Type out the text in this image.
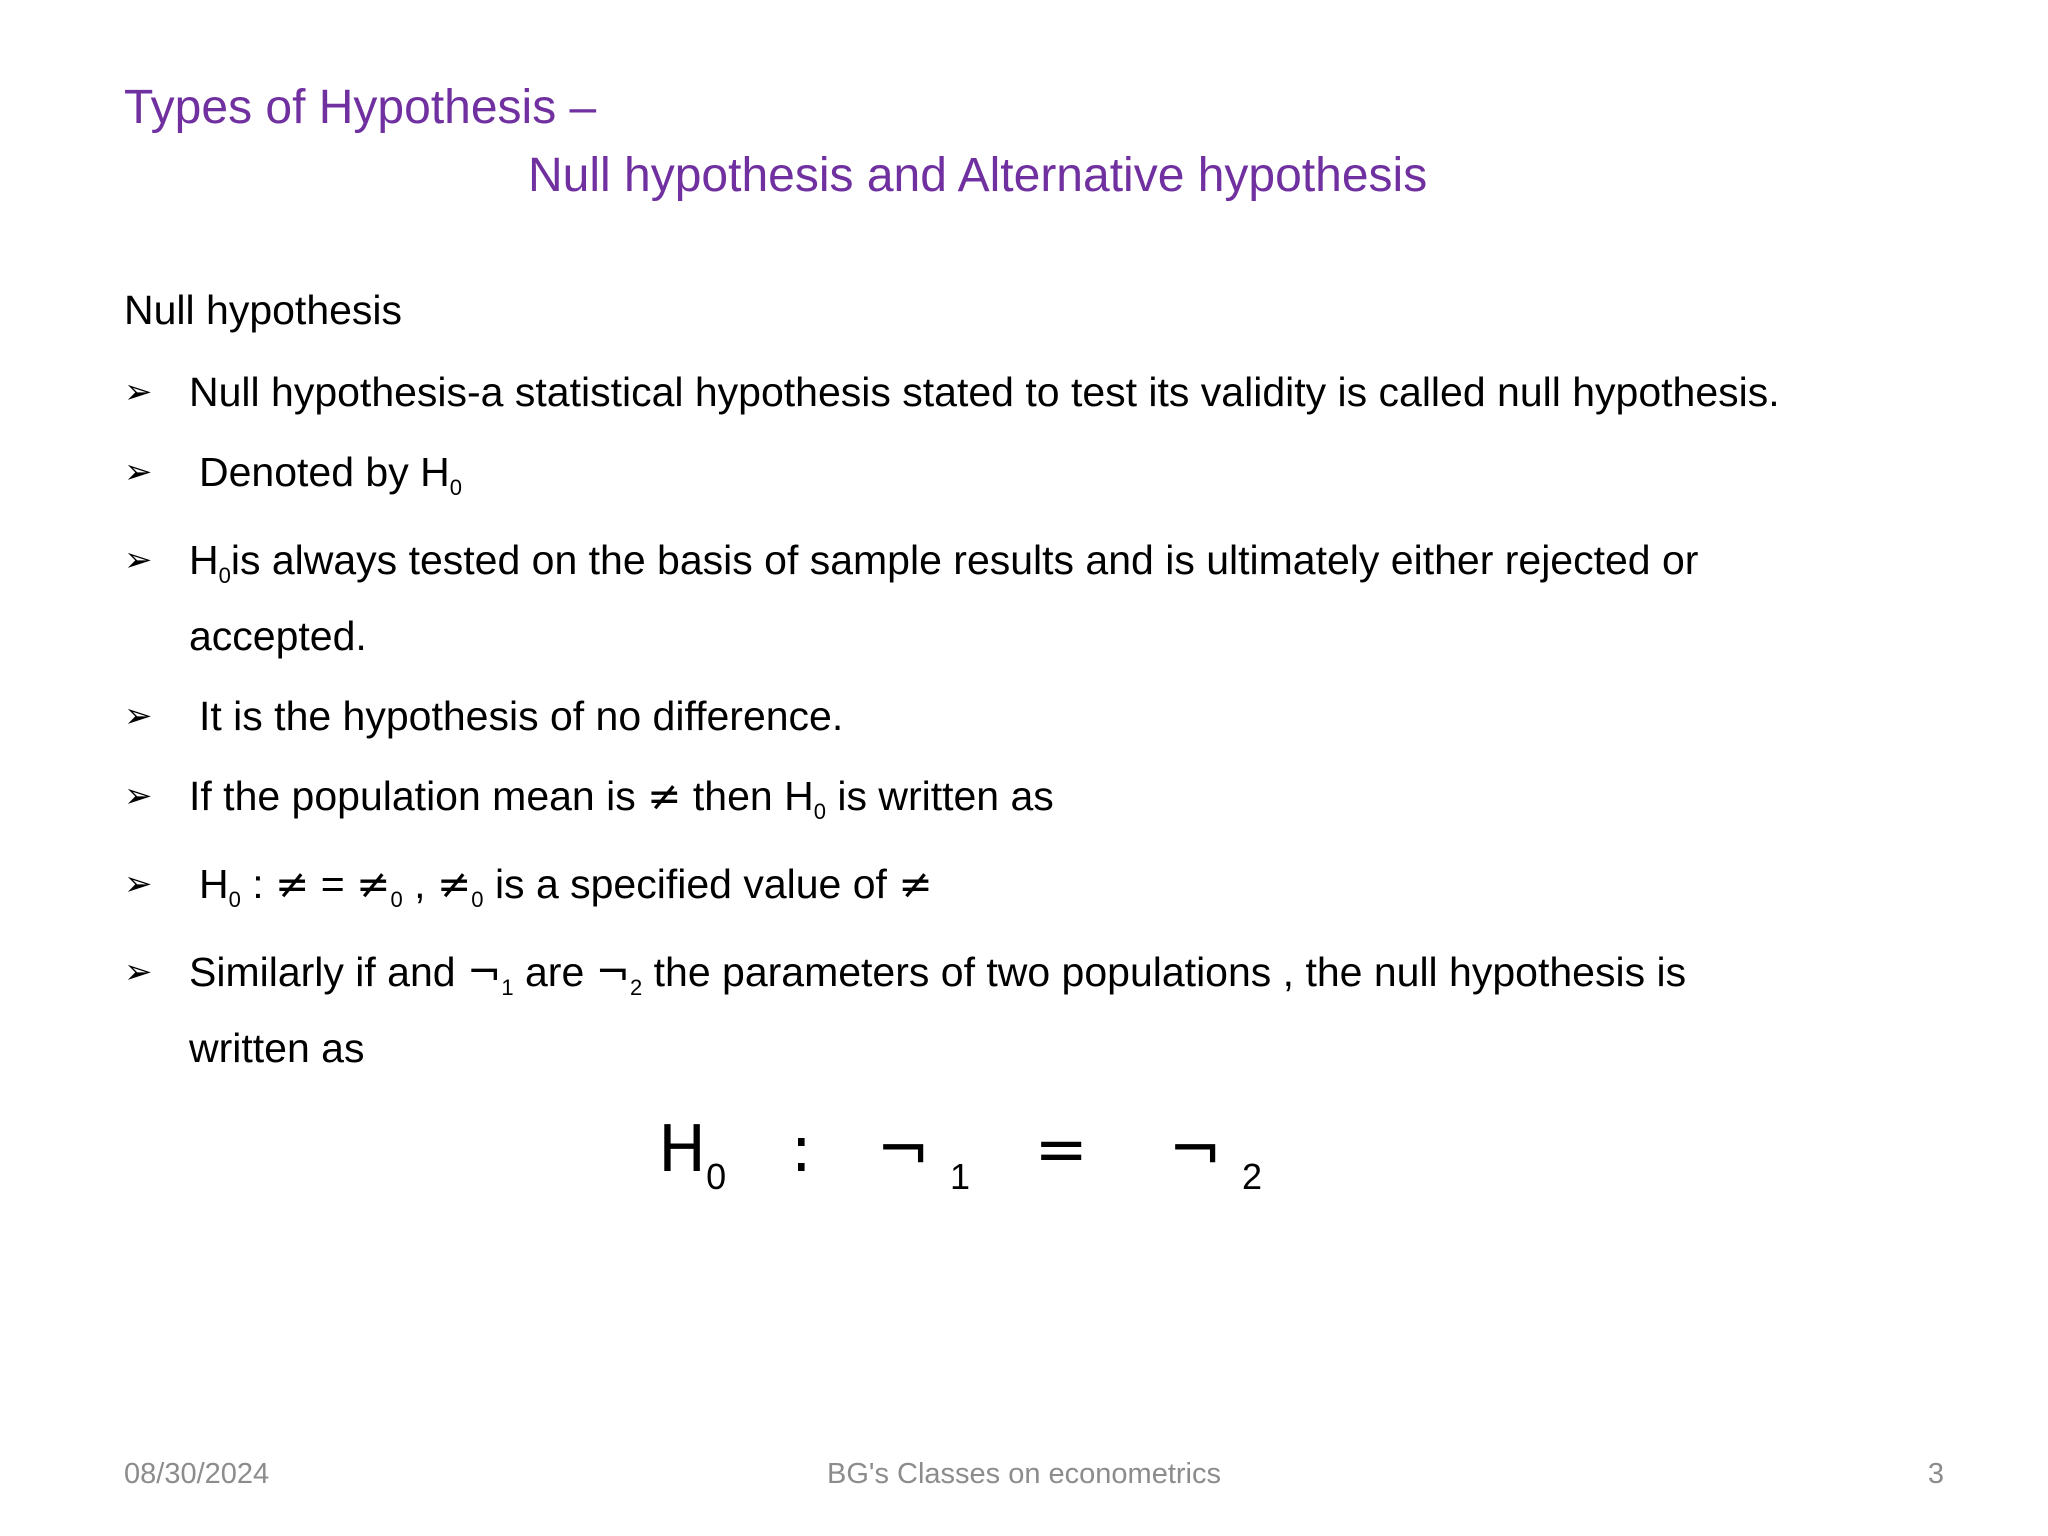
Types of Hypothesis –
Null hypothesis and Alternative hypothesis
Null hypothesis
➢ Null hypothesis-a statistical hypothesis stated to test its validity is called null hypothesis.
➢ Denoted by $H_0$
➢ $H_0is$ always tested on the basis of sample results and is ultimately either rejected or
accepted.
➢ It is the hypothesis of no difference.
➢ If the population mean is ≠ then $H_0$ is written as
➢ $H_0$ : ≠ = $\ne_0$ , $\ne_0$ is a specified value of ≠
➢ Similarly if and $\neg_1$ are $\neg_2$ the parameters of two populations , the null hypothesis is
written as
$H_0$ : ¬ $_1$ = ¬ $_2$
08/30/2024	BG's Classes on econometrics	3
